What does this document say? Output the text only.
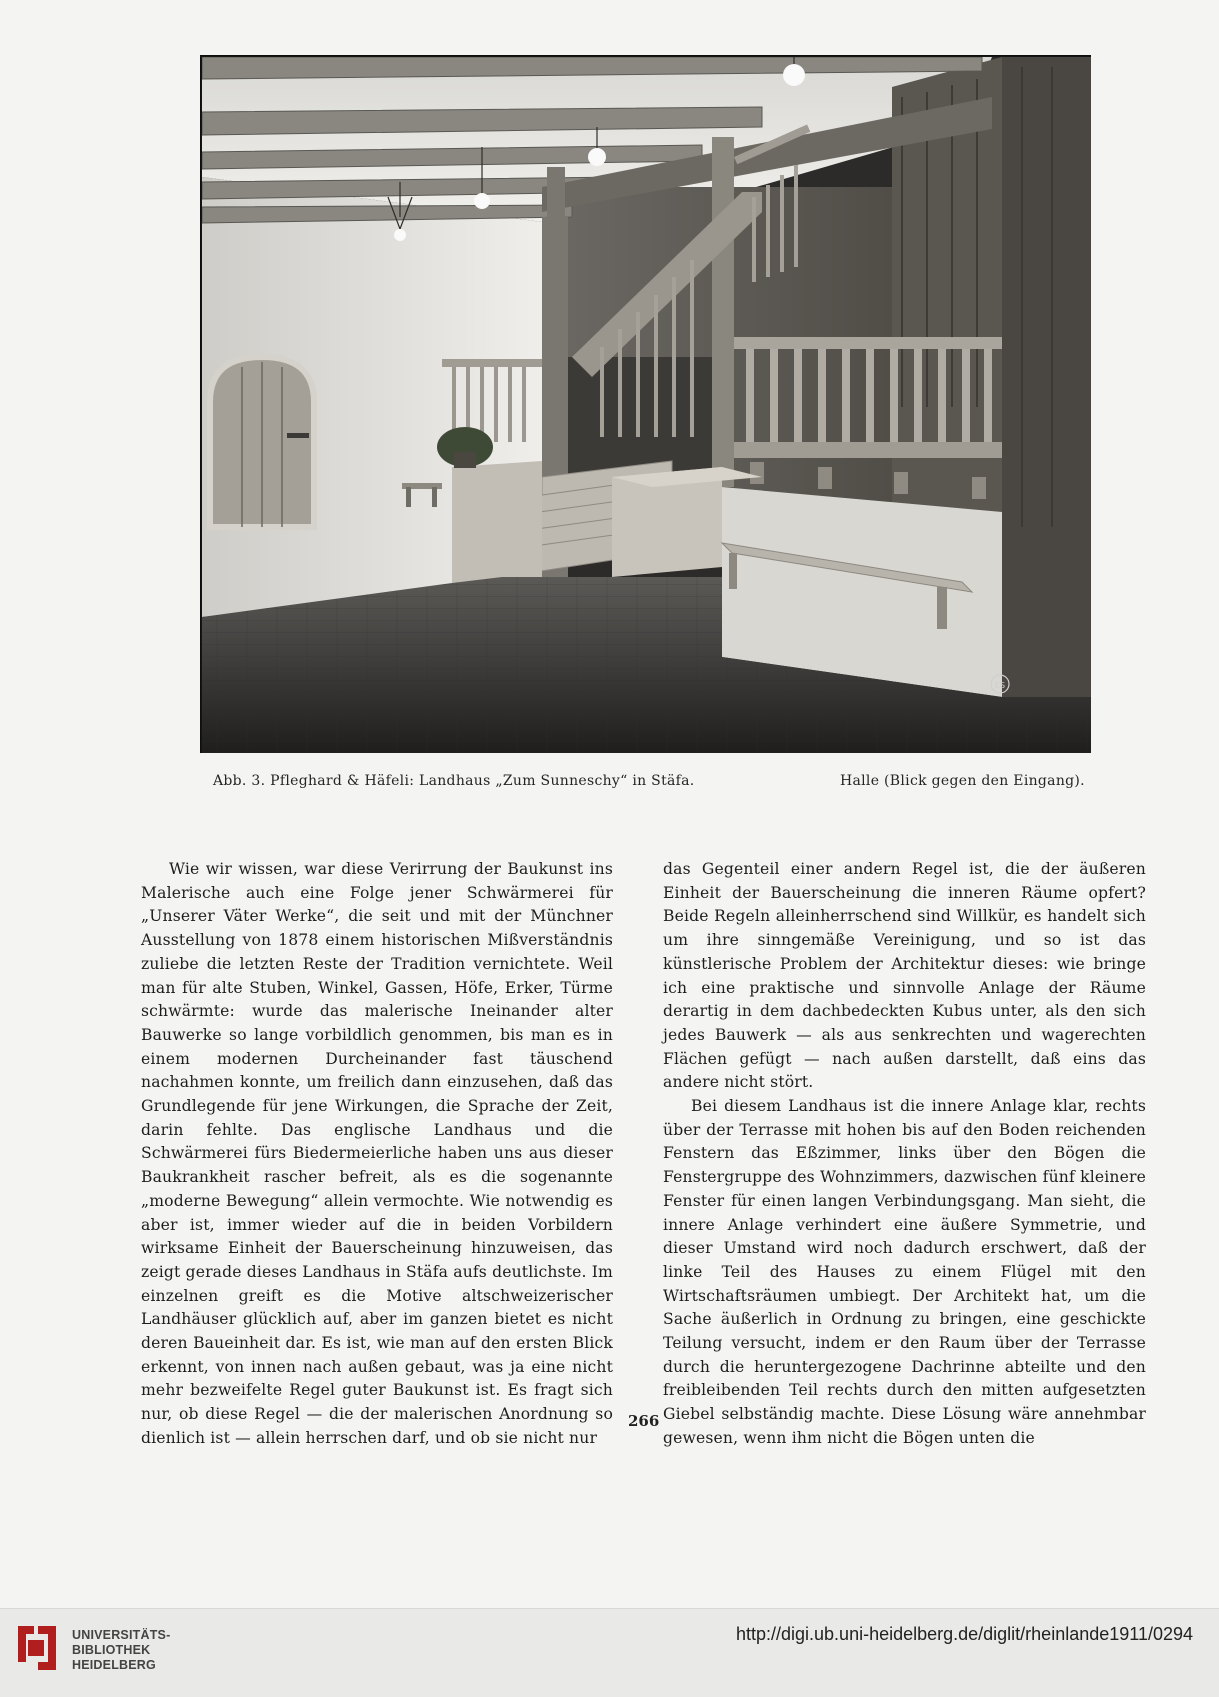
ES
Abb. 3. Pfleghard & Häfeli: Landhaus „Zum Sunneschy“ in Stäfa.	Halle (Blick gegen den Eingang).

Wie wir wissen, war diese Verirrung der Baukunst ins Malerische auch eine Folge jener Schwärmerei für „Unserer Väter Werke“, die seit und mit der Münchner Ausstellung von 1878 einem historischen Mißverständnis zuliebe die letzten Reste der Tradition vernichtete. Weil man für alte Stuben, Winkel, Gassen, Höfe, Erker, Türme schwärmte: wurde das malerische Ineinander alter Bauwerke so lange vorbildlich genommen, bis man es in einem modernen Durcheinander fast täuschend nachahmen konnte, um freilich dann einzusehen, daß das Grundlegende für jene Wirkungen, die Sprache der Zeit, darin fehlte. Das englische Landhaus und die Schwärmerei fürs Biedermeierliche haben uns aus dieser Baukrankheit rascher befreit, als es die sogenannte „moderne Bewegung“ allein vermochte. Wie notwendig es aber ist, immer wieder auf die in beiden Vorbildern wirksame Einheit der Bauerscheinung hinzuweisen, das zeigt gerade dieses Landhaus in Stäfa aufs deutlichste. Im einzelnen greift es die Motive altschweizerischer Landhäuser glücklich auf, aber im ganzen bietet es nicht deren Baueinheit dar. Es ist, wie man auf den ersten Blick erkennt, von innen nach außen gebaut, was ja eine nicht mehr bezweifelte Regel guter Baukunst ist. Es fragt sich nur, ob diese Regel — die der malerischen Anordnung so dienlich ist — allein herrschen darf, und ob sie nicht nur

das Gegenteil einer andern Regel ist, die der äußeren Einheit der Bauerscheinung die inneren Räume opfert? Beide Regeln alleinherrschend sind Willkür, es handelt sich um ihre sinngemäße Vereinigung, und so ist das künstlerische Problem der Architektur dieses: wie bringe ich eine praktische und sinnvolle Anlage der Räume derartig in dem dachbedeckten Kubus unter, als den sich jedes Bauwerk — als aus senkrechten und wagerechten Flächen gefügt — nach außen darstellt, daß eins das andere nicht stört.

Bei diesem Landhaus ist die innere Anlage klar, rechts über der Terrasse mit hohen bis auf den Boden reichenden Fenstern das Eßzimmer, links über den Bögen die Fenstergruppe des Wohnzimmers, dazwischen fünf kleinere Fenster für einen langen Verbindungsgang. Man sieht, die innere Anlage verhindert eine äußere Symmetrie, und dieser Umstand wird noch dadurch erschwert, daß der linke Teil des Hauses zu einem Flügel mit den Wirtschaftsräumen umbiegt. Der Architekt hat, um die Sache äußerlich in Ordnung zu bringen, eine geschickte Teilung versucht, indem er den Raum über der Terrasse durch die heruntergezogene Dachrinne abteilte und den freibleibenden Teil rechts durch den mitten aufgesetzten Giebel selbständig machte. Diese Lösung wäre annehmbar gewesen, wenn ihm nicht die Bögen unten die

266
UNIVERSITÄTS-
BIBLIOTHEK
HEIDELBERG
http://digi.ub.uni-heidelberg.de/diglit/rheinlande1911/0294
